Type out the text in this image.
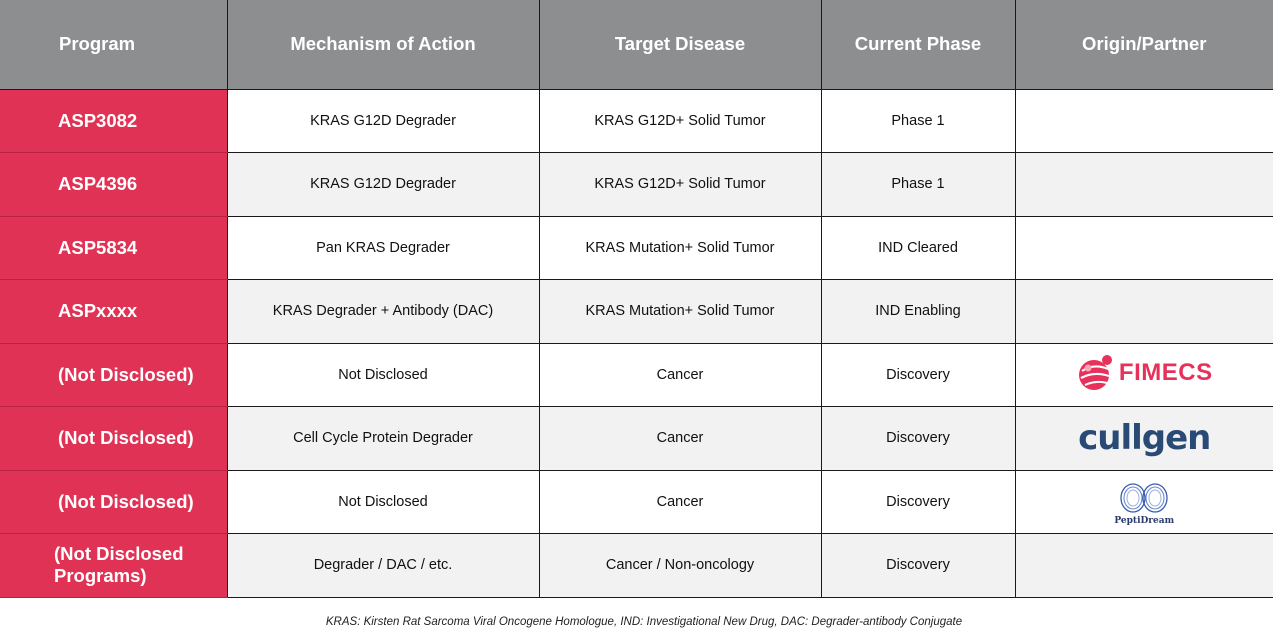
Program	Mechanism of Action	Target Disease	Current Phase	Origin/Partner
ASP3082	KRAS G12D Degrader	KRAS G12D+ Solid Tumor	Phase 1	
ASP4396	KRAS G12D Degrader	KRAS G12D+ Solid Tumor	Phase 1	
ASP5834	Pan KRAS Degrader	KRAS Mutation+ Solid Tumor	IND Cleared	
ASPxxxx	KRAS Degrader + Antibody (DAC)	KRAS Mutation+ Solid Tumor	IND Enabling	
(Not Disclosed)	Not Disclosed	Cancer	Discovery	FIMECS

(Not Disclosed)	Cell Cycle Protein Degrader	Cancer	Discovery	cullgen

(Not Disclosed)	Not Disclosed	Cancer	Discovery	PeptiDream

(Not Disclosed Programs)	Degrader / DAC / etc.	Cancer / Non-oncology	Discovery	
KRAS: Kirsten Rat Sarcoma Viral Oncogene Homologue, IND: Investigational New Drug, DAC: Degrader-antibody Conjugate
